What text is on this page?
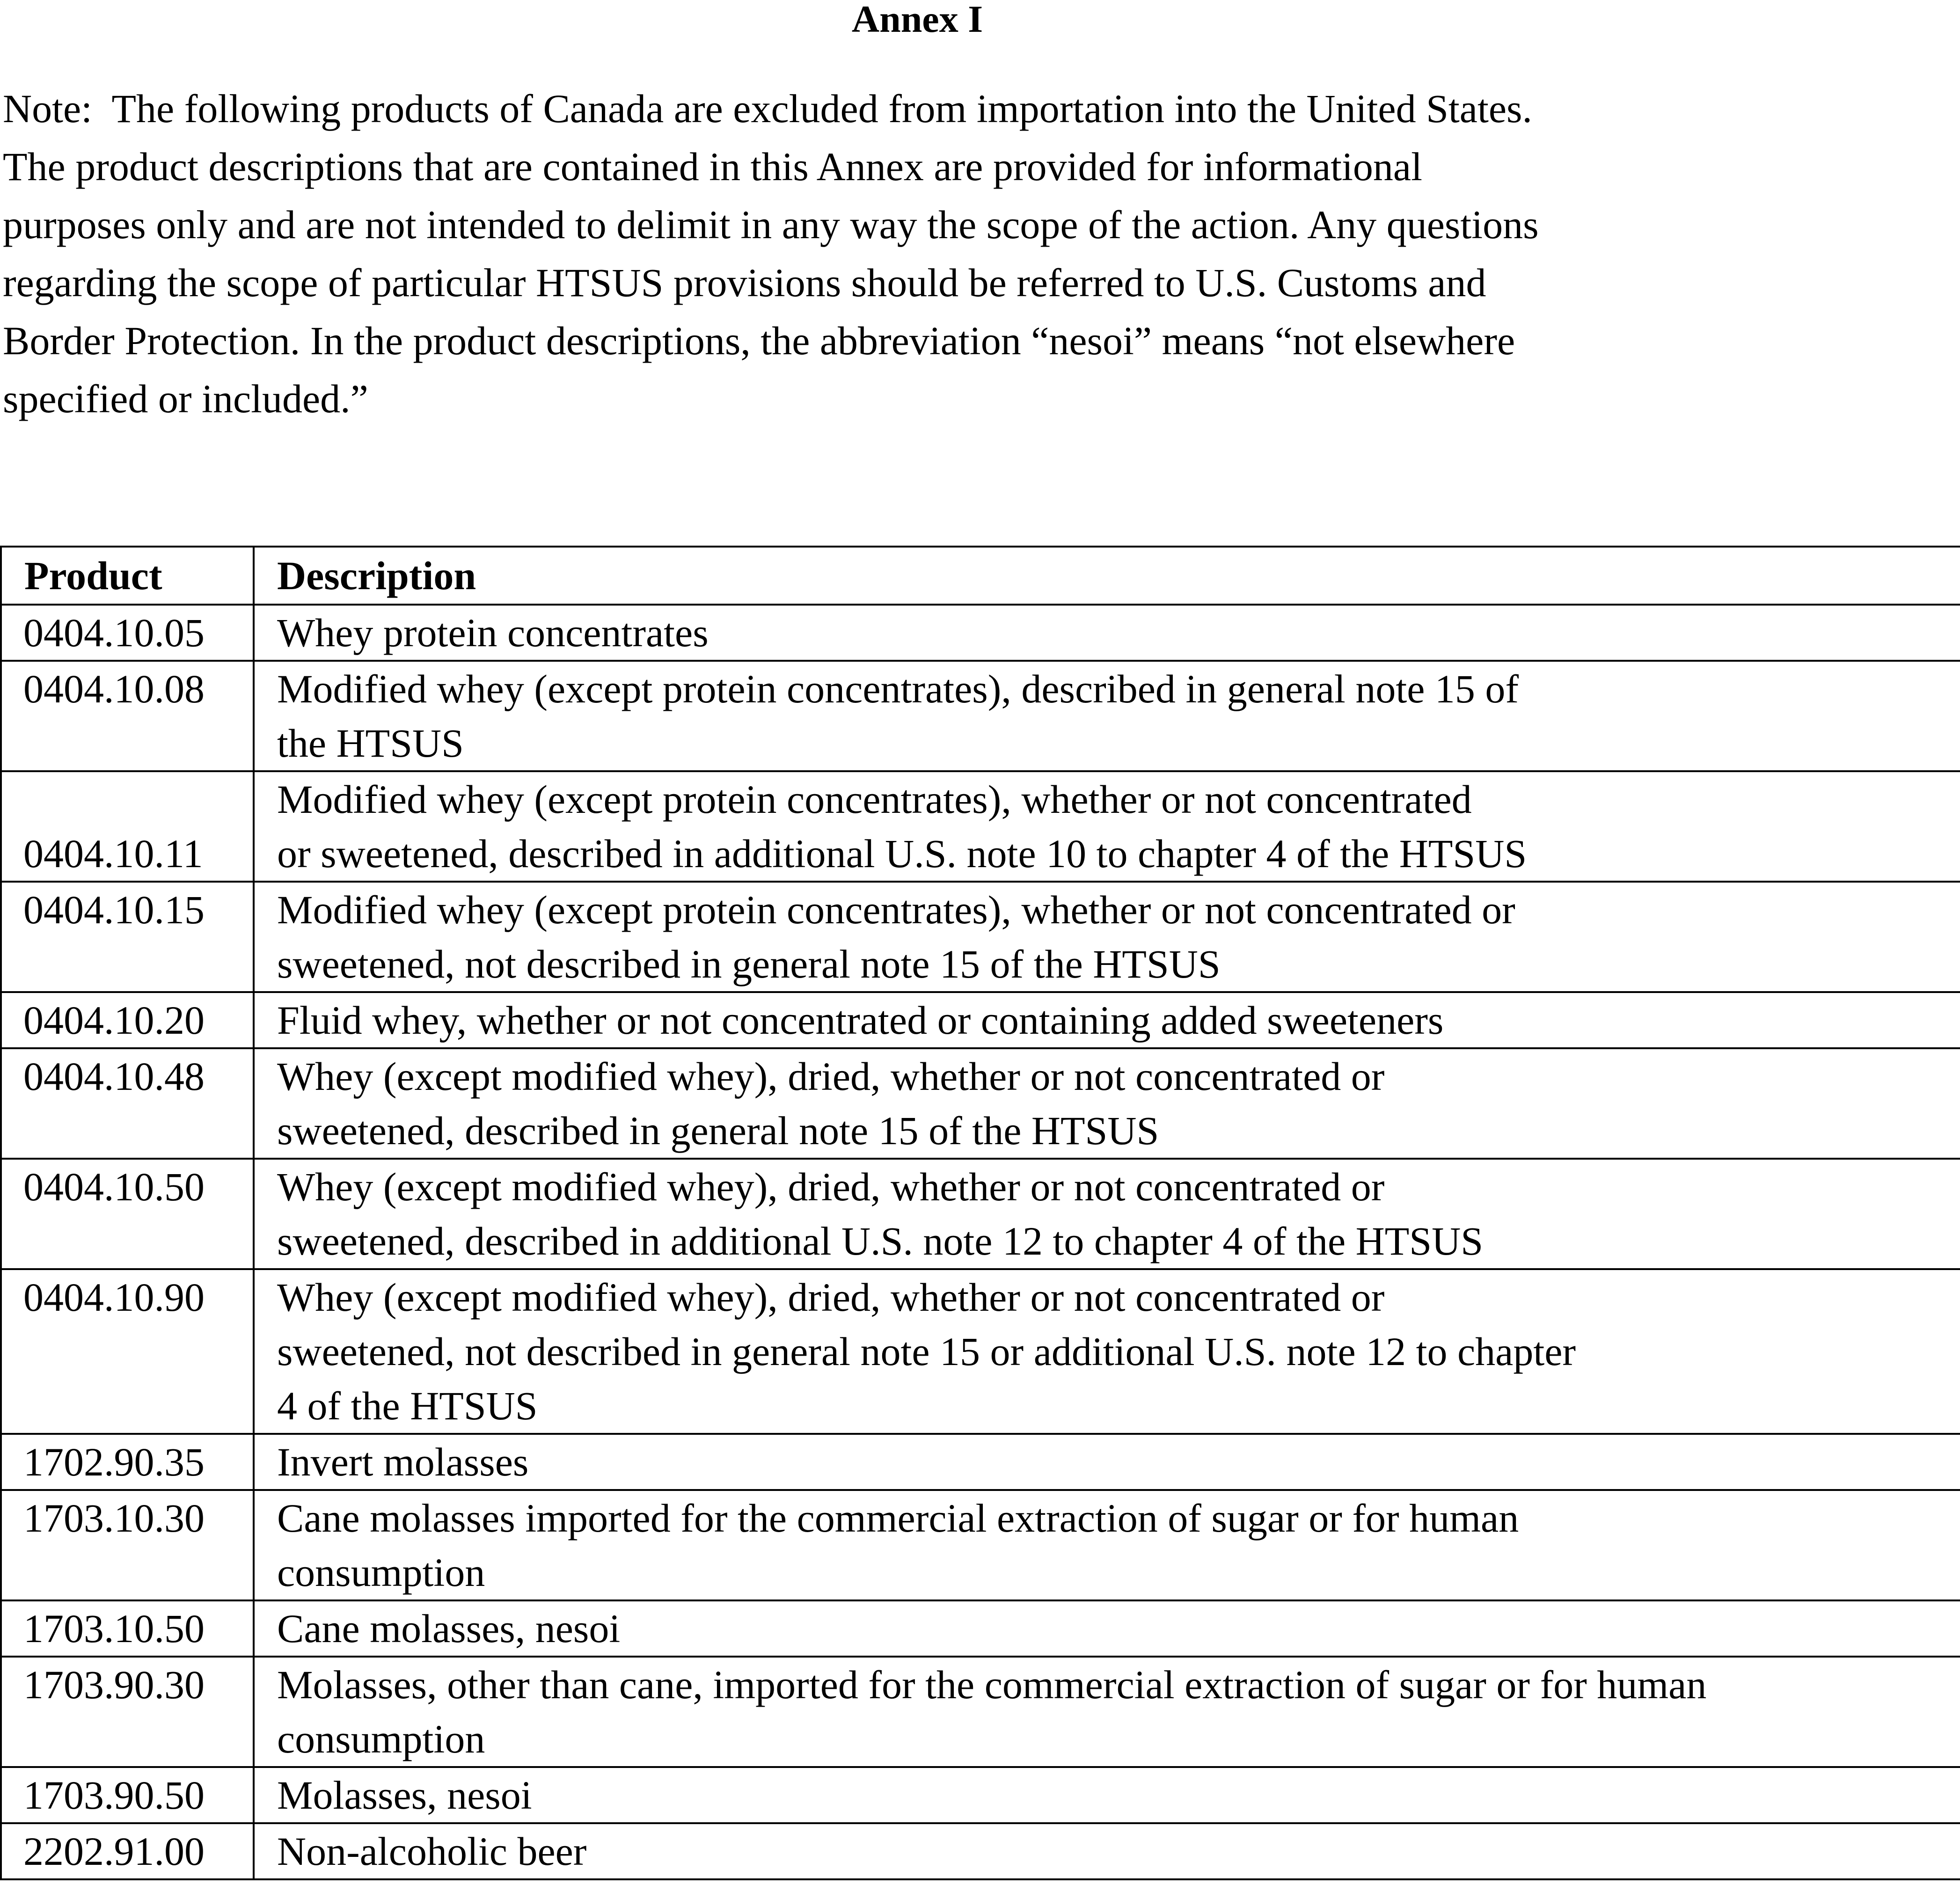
Annex I

Note:  The following products of Canada are excluded from importation into the United States.
The product descriptions that are contained in this Annex are provided for informational
purposes only and are not intended to delimit in any way the scope of the action. Any questions
regarding the scope of particular HTSUS provisions should be referred to U.S. Customs and
Border Protection. In the product descriptions, the abbreviation “nesoi” means “not elsewhere
specified or included.”

Product	Description
0404.10.05	Whey protein concentrates

0404.10.08	Modified whey (except protein concentrates), described in general note 15 of
the HTSUS

0404.10.11	Modified whey (except protein concentrates), whether or not concentrated
or sweetened, described in additional U.S. note 10 to chapter 4 of the HTSUS

0404.10.15	Modified whey (except protein concentrates), whether or not concentrated or
sweetened, not described in general note 15 of the HTSUS

0404.10.20	Fluid whey, whether or not concentrated or containing added sweeteners

0404.10.48	Whey (except modified whey), dried, whether or not concentrated or
sweetened, described in general note 15 of the HTSUS

0404.10.50	Whey (except modified whey), dried, whether or not concentrated or
sweetened, described in additional U.S. note 12 to chapter 4 of the HTSUS

0404.10.90	Whey (except modified whey), dried, whether or not concentrated or
sweetened, not described in general note 15 or additional U.S. note 12 to chapter
4 of the HTSUS

1702.90.35	Invert molasses

1703.10.30	Cane molasses imported for the commercial extraction of sugar or for human
consumption

1703.10.50	Cane molasses, nesoi

1703.90.30	Molasses, other than cane, imported for the commercial extraction of sugar or for human
consumption

1703.90.50	Molasses, nesoi

2202.91.00	Non-alcoholic beer
